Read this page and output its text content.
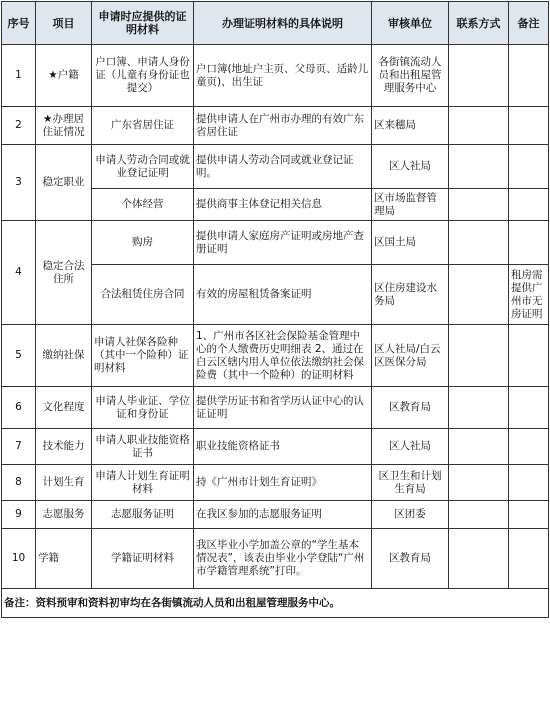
序号	项目	申请时应提供的证明材料	办理证明材料的具体说明	审核单位	联系方式	备注
1	★户籍	户口簿、申请人身份证（儿童有身份证也提交）	户口簿(地址户主页、父母页、适龄儿童页)、出生证	各街镇流动人员和出租屋管理服务中心		
2	★办理居住证情况	广东省居住证	提供申请人在广州市办理的有效广东省居住证	区来穗局		
3	稳定职业	申请人劳动合同或就业登记证明	提供申请人劳动合同或就业登记证明。	区人社局		
		个体经营	提供商事主体登记相关信息	区市场监督管理局		
4	稳定合法住所	购房	提供申请人家庭房产证明或房地产查册证明	区国土局		
		合法租赁住房合同	有效的房屋租赁备案证明	区住房建设水务局		租房需提供广州市无房证明
5	缴纳社保	申请人社保各险种（其中一个险种）证明材料	1、广州市各区社会保险基金管理中心的个人缴费历史明细表 2、通过在白云区辖内用人单位依法缴纳社会保险费（其中一个险种）的证明材料	区人社局/白云区医保分局		
6	文化程度	申请人毕业证、学位证和身份证	提供学历证书和省学历认证中心的认证证明	区教育局		
7	技术能力	申请人职业技能资格证书	职业技能资格证书	区人社局		
8	计划生育	申请人计划生育证明材料	持《广州市计划生育证明》	区卫生和计划生育局		
9	志愿服务	志愿服务证明	在我区参加的志愿服务证明	区团委		
10	学籍	学籍证明材料	我区毕业小学加盖公章的“学生基本情况表”，该表由毕业小学登陆“广州市学籍管理系统”打印。	区教育局		
备注：资料预审和资料初审均在各街镇流动人员和出租屋管理服务中心。						
